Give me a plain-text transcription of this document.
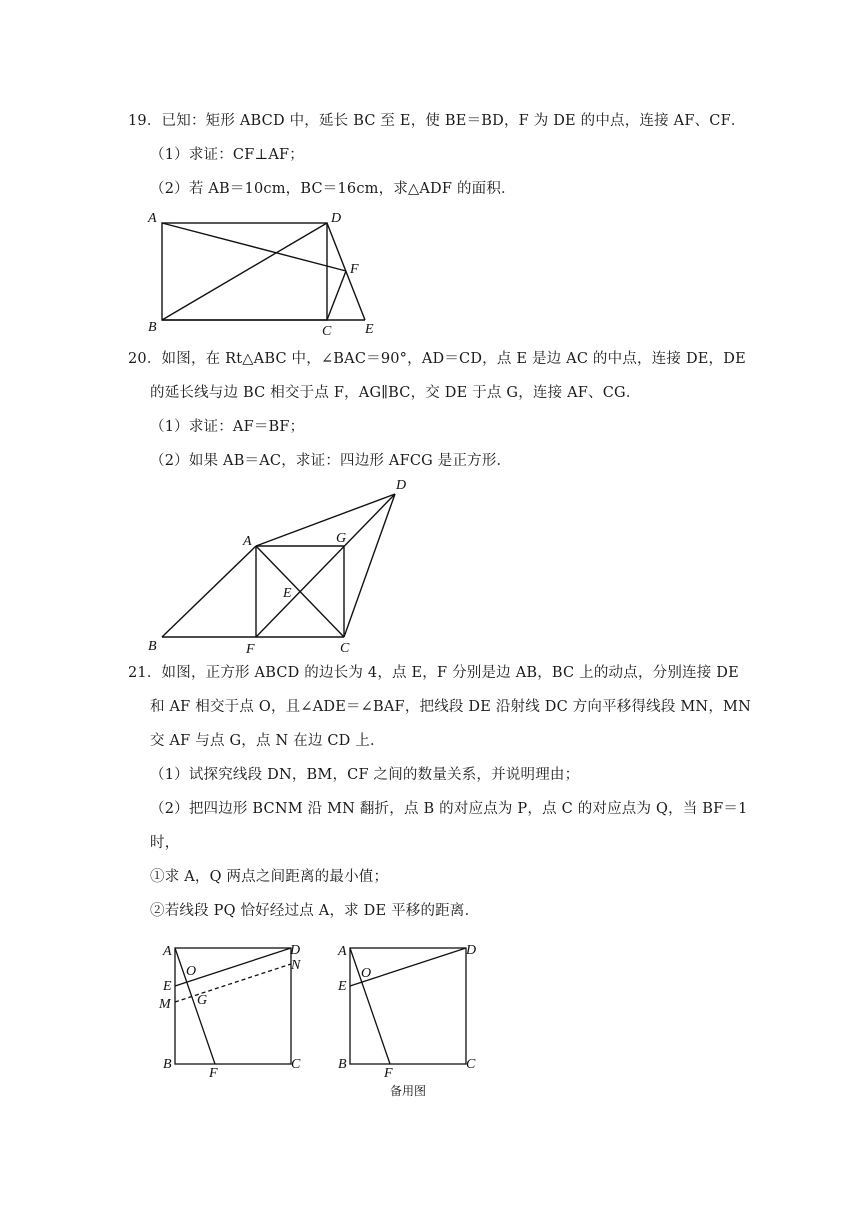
19．已知：矩形 ABCD 中，延长 BC 至 E，使 BE＝BD，F 为 DE 的中点，连接 AF、CF．
（1）求证：CF⊥AF；
（2）若 AB＝10cm，BC＝16cm，求△ADF 的面积．
A
B	C
D
E
F
20．如图，在 Rt△ABC 中，∠BAC＝90°，AD＝CD，点 E 是边 AC 的中点，连接 DE，DE
的延长线与边 BC 相交于点 F，AG∥BC，交 DE 于点 G，连接 AF、CG．
（1）求证：AF＝BF；
（2）如果 AB＝AC，求证：四边形 AFCG 是正方形．
A
B	C
D
E
F
G
21．如图，正方形 ABCD 的边长为 4，点 E，F 分别是边 AB，BC 上的动点，分别连接 DE
和 AF 相交于点 O，且∠ADE＝∠BAF，把线段 DE 沿射线 DC 方向平移得线段 MN，MN
交 AF 与点 G，点 N 在边 CD 上．
（1）试探究线段 DN，BM，CF 之间的数量关系，并说明理由；
（2）把四边形 BCNM 沿 MN 翻折，点 B 的对应点为 P，点 C 的对应点为 Q，当 BF＝1
时，
①求 A，Q 两点之间距离的最小值；
②若线段 PQ 恰好经过点 A，求 DE 平移的距离．
A
B	C
D
E
F
G
M
N
O
A
B	C
D
E
F
O
备用图
